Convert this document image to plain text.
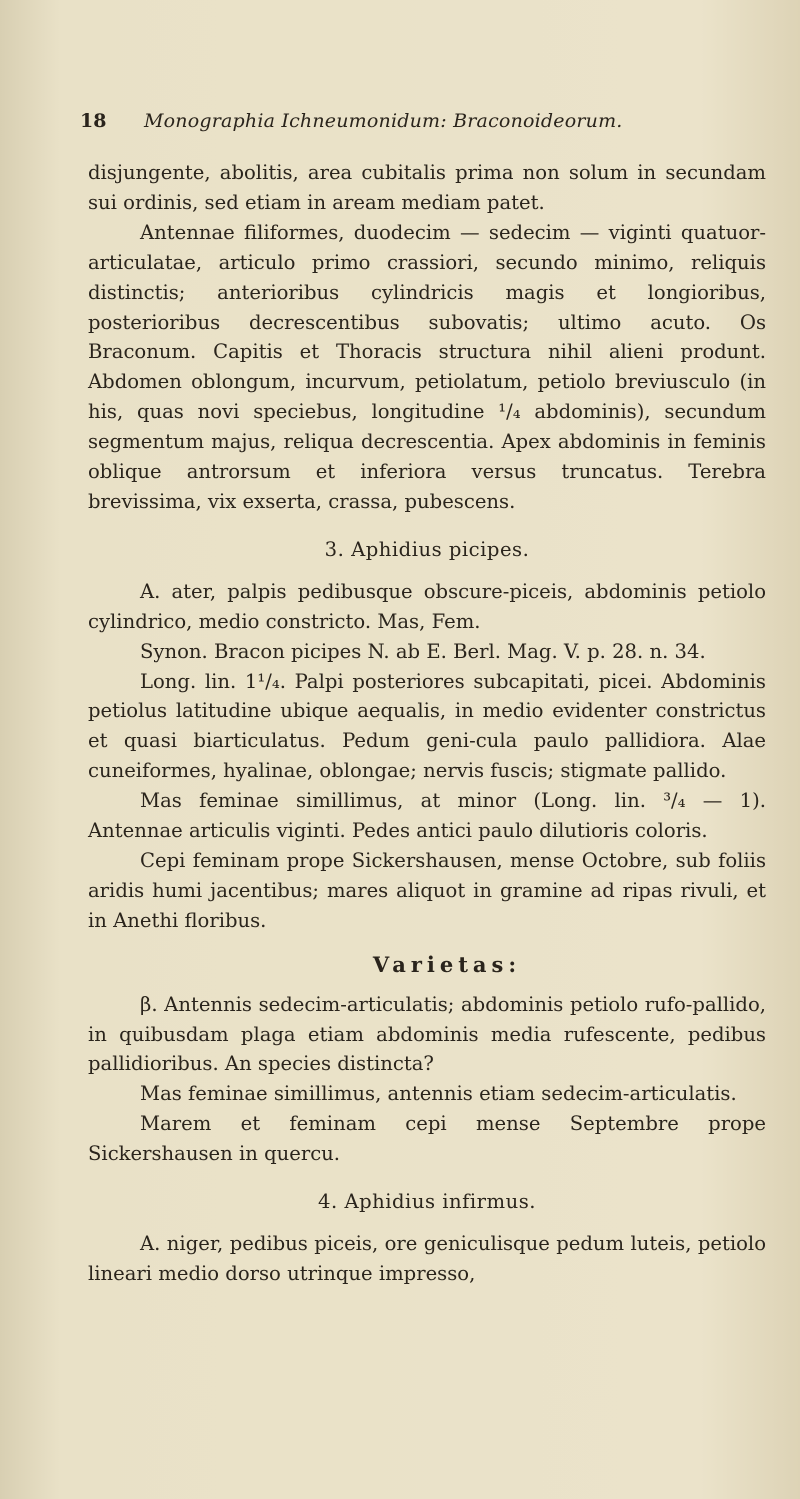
18	Monographia Ichneumonidum: Braconoideorum.

disjungente, abolitis, area cubitalis prima non solum in secundam sui ordinis, sed etiam in aream mediam patet.

Antennae filiformes, duodecim — sedecim — viginti quatuor-articulatae, articulo primo crassiori, secundo minimo, reliquis distinctis; anterioribus cylindricis magis et longioribus, posterioribus decrescentibus subovatis; ultimo acuto. Os Braconum. Capitis et Thoracis structura nihil alieni produnt. Abdomen oblongum, incurvum, petiolatum, petiolo breviusculo (in his, quas novi speciebus, longitudine ¹/₄ abdominis), secundum segmentum majus, reliqua decrescentia. Apex abdominis in feminis oblique antrorsum et inferiora versus truncatus. Terebra brevissima, vix exserta, crassa, pubescens.

3. Aphidius picipes.

A. ater, palpis pedibusque obscure-piceis, abdominis petiolo cylindrico, medio constricto. Mas, Fem.

Synon. Bracon picipes N. ab E. Berl. Mag. V. p. 28. n. 34.

Long. lin. 1¹/₄. Palpi posteriores subcapitati, picei. Abdominis petiolus latitudine ubique aequalis, in medio evidenter constrictus et quasi biarticulatus. Pedum geni-cula paulo pallidiora. Alae cuneiformes, hyalinae, oblongae; nervis fuscis; stigmate pallido.

Mas feminae simillimus, at minor (Long. lin. ³/₄ — 1). Antennae articulis viginti. Pedes antici paulo dilutioris coloris.

Cepi feminam prope Sickershausen, mense Octobre, sub foliis aridis humi jacentibus; mares aliquot in gramine ad ripas rivuli, et in Anethi floribus.

Varietas:

β. Antennis sedecim-articulatis; abdominis petiolo rufo-pallido, in quibusdam plaga etiam abdominis media rufescente, pedibus pallidioribus. An species distincta?

Mas feminae simillimus, antennis etiam sedecim-articulatis.

Marem et feminam cepi mense Septembre prope Sickershausen in quercu.

4. Aphidius infirmus.

A. niger, pedibus piceis, ore geniculisque pedum luteis, petiolo lineari medio dorso utrinque impresso,
